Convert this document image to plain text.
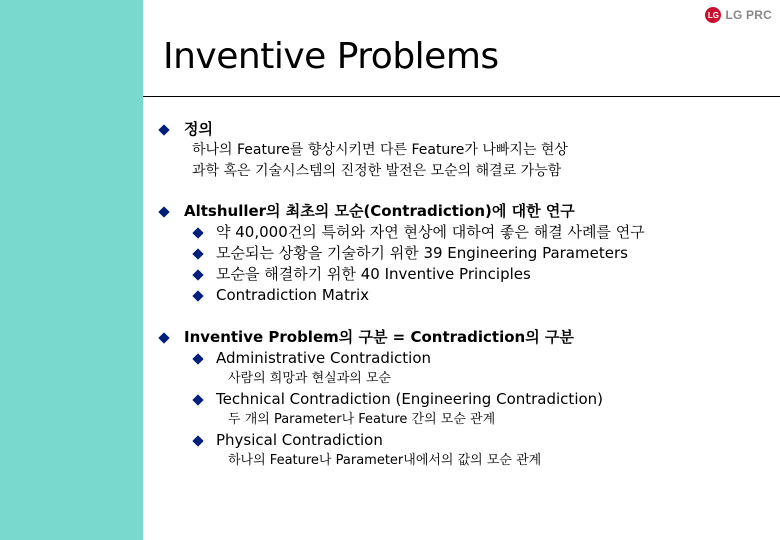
LG LG PRC
Inventive Problems
정의
하나의 Feature를 향상시키면 다른 Feature가 나빠지는 현상
과학 혹은 기술시스템의 진정한 발전은 모순의 해결로 가능함
Altshuller의 최초의 모순(Contradiction)에 대한 연구
약 40,000건의 특허와 자연 현상에 대하여 좋은 해결 사례를 연구
모순되는 상황을 기술하기 위한 39 Engineering Parameters
모순을 해결하기 위한 40 Inventive Principles
Contradiction Matrix
Inventive Problem의 구분 = Contradiction의 구분
Administrative Contradiction
사람의 희망과 현실과의 모순
Technical Contradiction (Engineering Contradiction)
두 개의 Parameter나 Feature 간의 모순 관계
Physical Contradiction
하나의 Feature나 Parameter내에서의 값의 모순 관계
